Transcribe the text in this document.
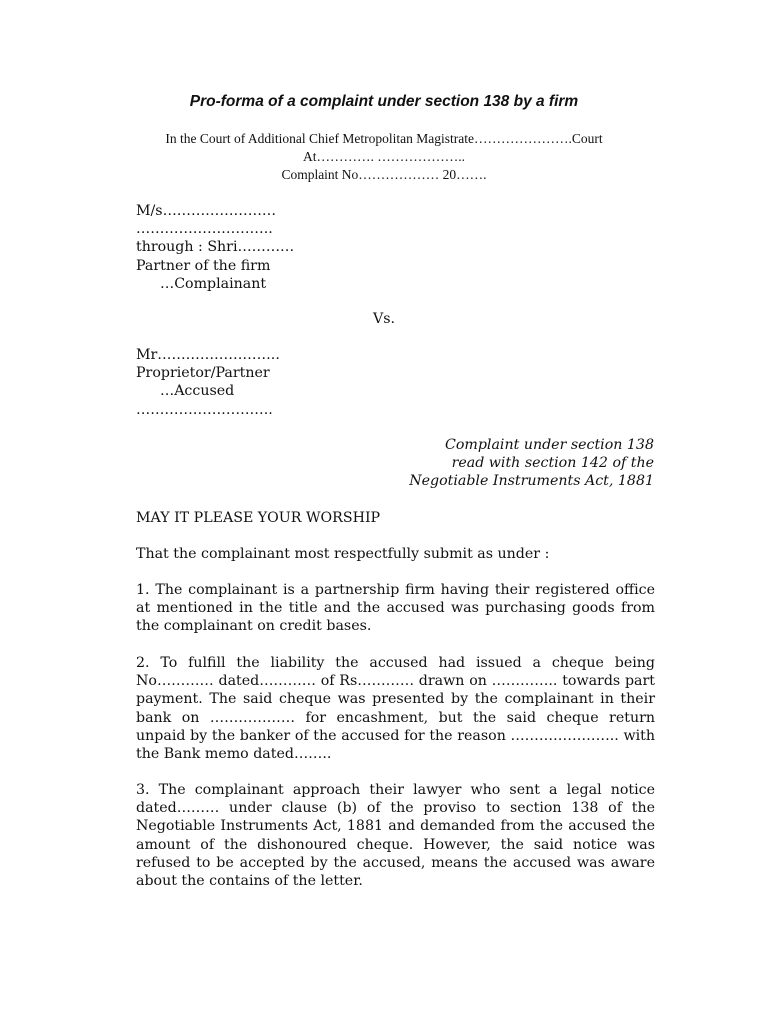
Pro-forma of a complaint under section 138 by a firm
In the Court of Additional Chief Metropolitan Magistrate………………….Court
At…………. ………………..
Complaint No……………… 20…….
M/s……………………
………………………..
through : Shri…………
Partner of the firm
…Complainant
Vs.
Mr……………………..
Proprietor/Partner
…Accused
………………………..
Complaint under section 138
read with section 142 of the
Negotiable Instruments Act, 1881
MAY IT PLEASE YOUR WORSHIP
That the complainant most respectfully submit as under :
1. The complainant is a partnership firm having their registered office at mentioned in the title and the accused was purchasing goods from the complainant on credit bases.
2. To fulfill the liability the accused had issued a cheque being No………… dated………… of Rs………… drawn on ………….. towards part payment. The said cheque was presented by the complainant in their bank on ……………… for encashment, but the said cheque return unpaid by the banker of the accused for the reason ………………….. with the Bank memo dated……..
3. The complainant approach their lawyer who sent a legal notice dated……… under clause (b) of the proviso to section 138 of the Negotiable Instruments Act, 1881 and demanded from the accused the amount of the dishonoured cheque. However, the said notice was refused to be accepted by the accused, means the accused was aware about the contains of the letter.
